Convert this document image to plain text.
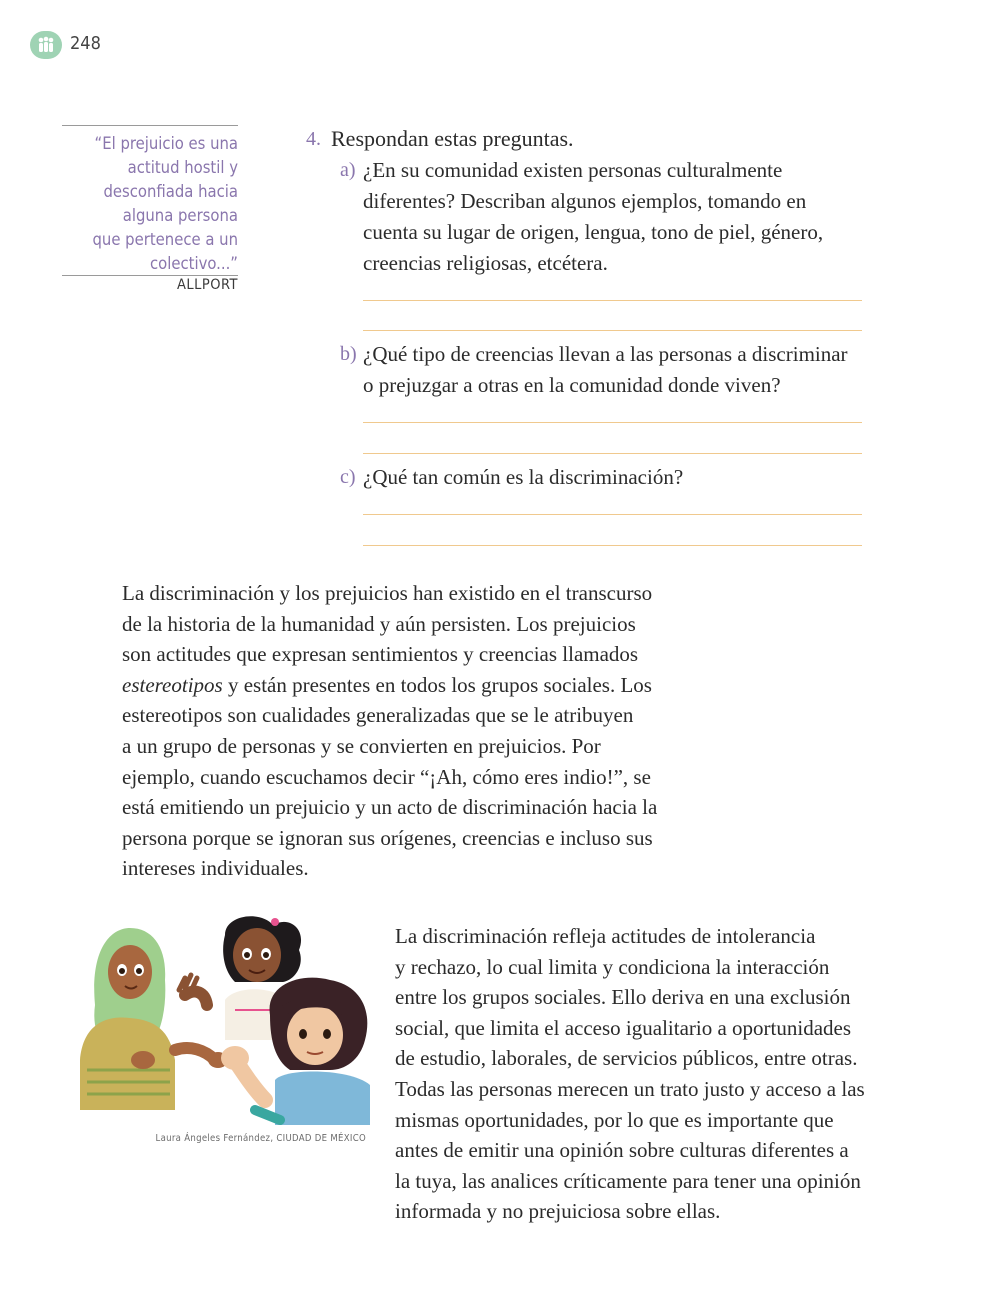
248
“El prejuicio es una
actitud hostil y
desconfiada hacia
alguna persona
que pertenece a un
colectivo...”
ALLPORT
4. Respondan estas preguntas.
a) ¿En su comunidad existen personas culturalmente
diferentes? Describan algunos ejemplos, tomando en
cuenta su lugar de origen, lengua, tono de piel, género,
creencias religiosas, etcétera.
b) ¿Qué tipo de creencias llevan a las personas a discriminar
o prejuzgar a otras en la comunidad donde viven?
c) ¿Qué tan común es la discriminación?
La discriminación y los prejuicios han existido en el transcurso
de la historia de la humanidad y aún persisten. Los prejuicios
son actitudes que expresan sentimientos y creencias llamados
estereotipos y están presentes en todos los grupos sociales. Los
estereotipos son cualidades generalizadas que se le atribuyen
a un grupo de personas y se convierten en prejuicios. Por
ejemplo, cuando escuchamos decir “¡Ah, cómo eres indio!”, se
está emitiendo un prejuicio y un acto de discriminación hacia la
persona porque se ignoran sus orígenes, creencias e incluso sus
intereses individuales.
Laura Ángeles Fernández, CIUDAD DE MÉXICO
La discriminación refleja actitudes de intolerancia
y rechazo, lo cual limita y condiciona la interacción
entre los grupos sociales. Ello deriva en una exclusión
social, que limita el acceso igualitario a oportunidades
de estudio, laborales, de servicios públicos, entre otras.
Todas las personas merecen un trato justo y acceso a las
mismas oportunidades, por lo que es importante que
antes de emitir una opinión sobre culturas diferentes a
la tuya, las analices críticamente para tener una opinión
informada y no prejuiciosa sobre ellas.
